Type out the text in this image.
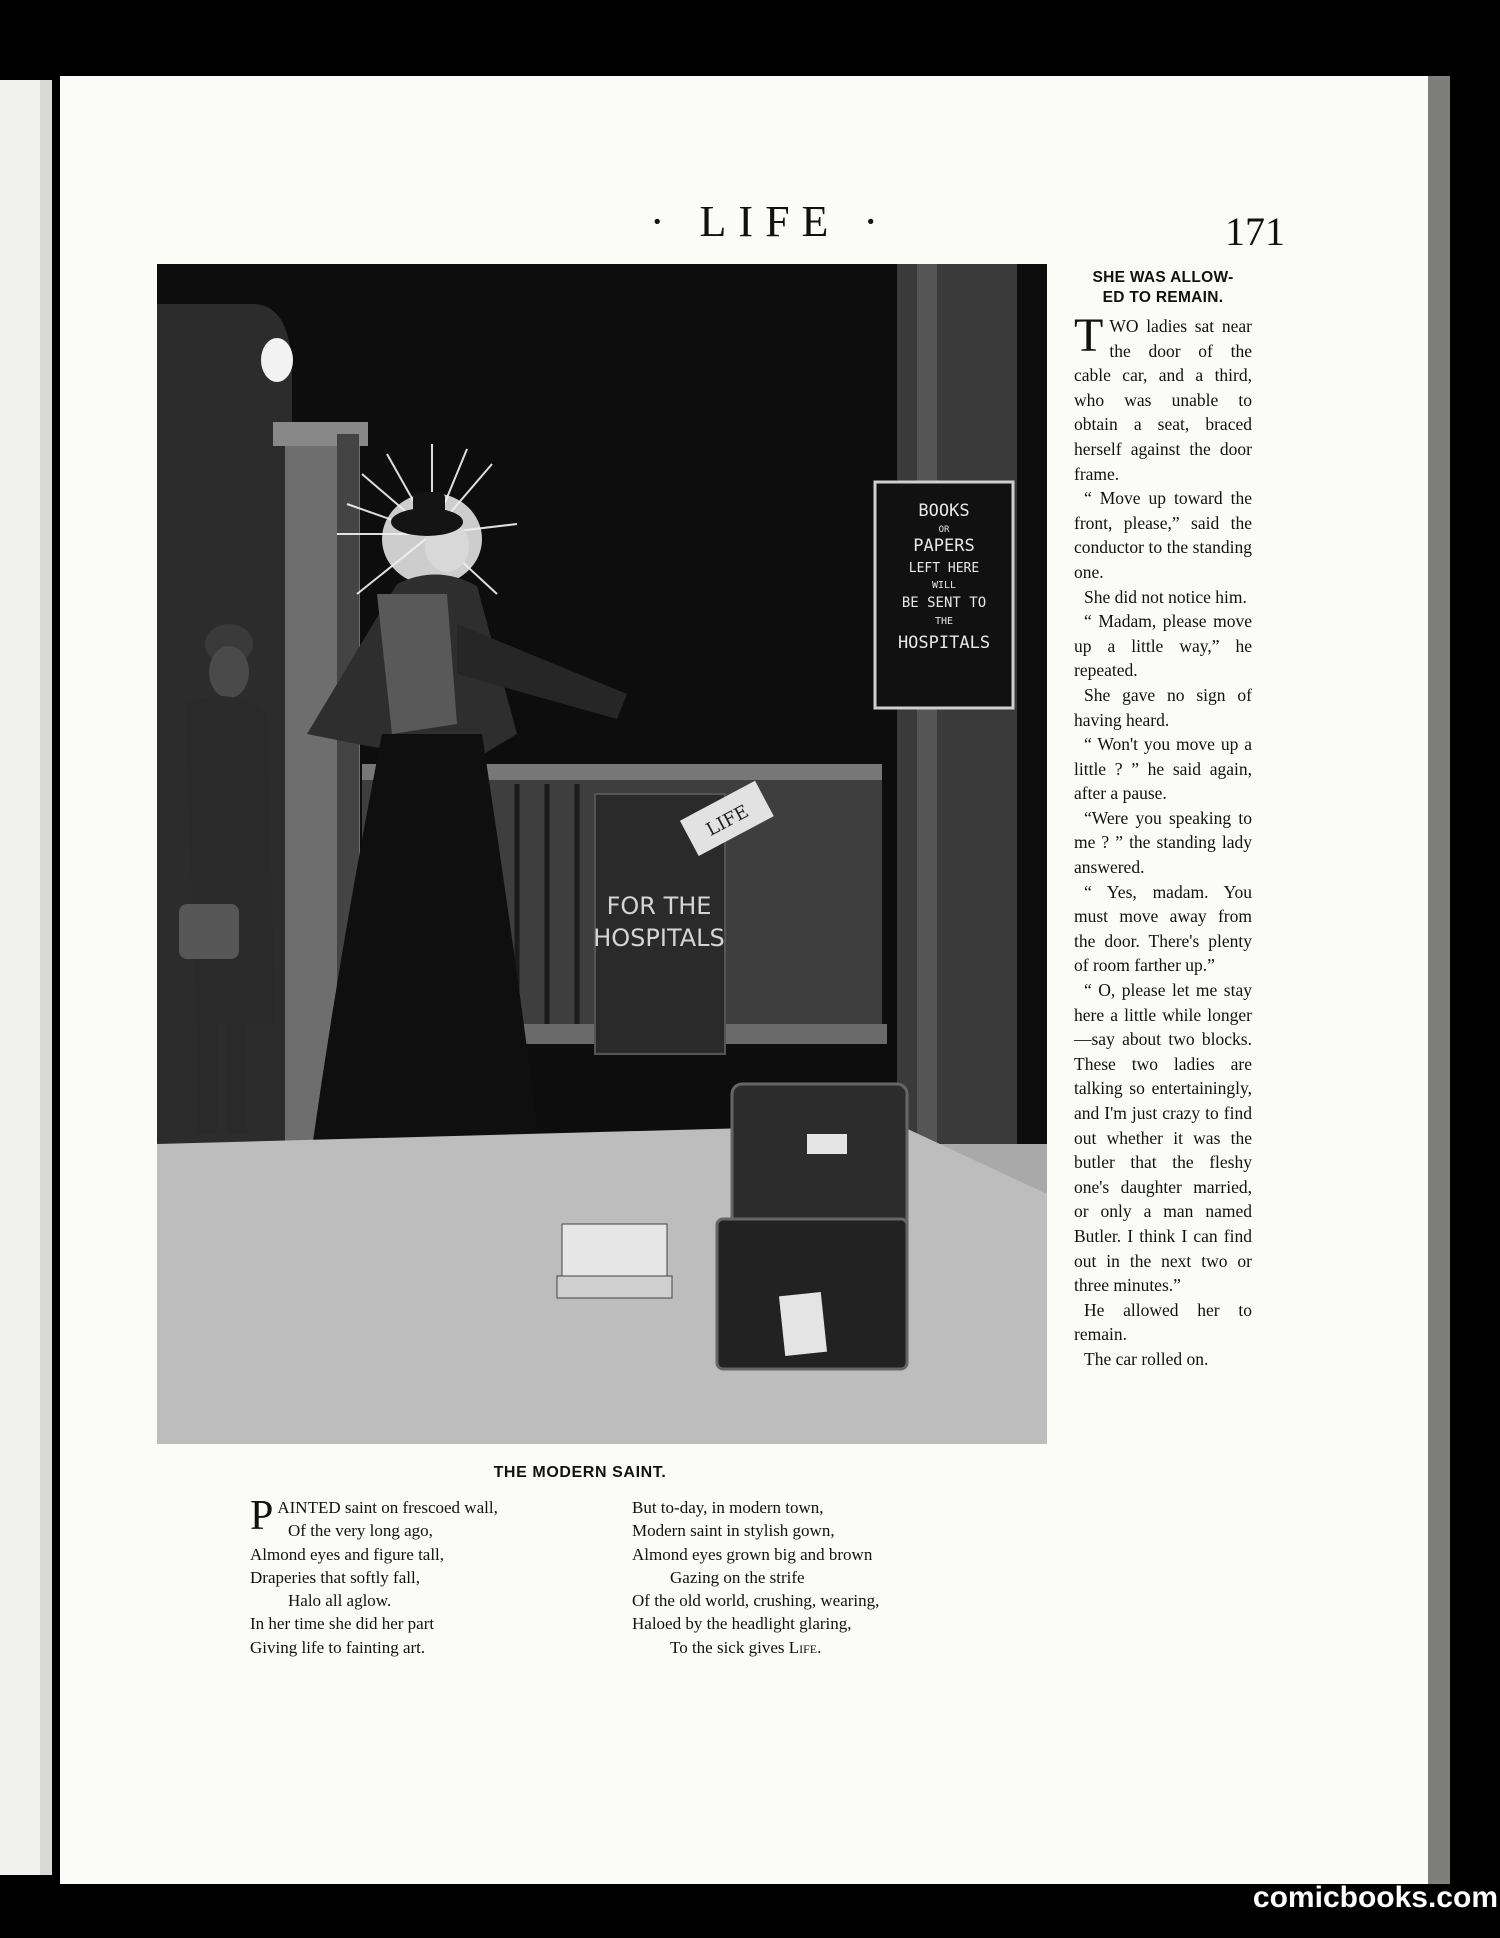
· LIFE ·	171
BOOKS
OR
PAPERS
LEFT HERE
WILL
BE SENT TO
THE
HOSPITALS
FOR THE
HOSPITALS
LIFE
SHE WAS ALLOW-
ED TO REMAIN.

TWO ladies sat near the door of the cable car, and a third, who was unable to obtain a seat, braced herself against the door frame.

“ Move up toward the front, please,” said the conductor to the standing one.

She did not notice him.

“ Madam, please move up a little way,” he repeated.

She gave no sign of having heard.

“ Won't you move up a little ? ” he said again, after a pause.

“Were you speaking to me ? ” the standing lady answered.

“ Yes, madam. You must move away from the door. There's plenty of room farther up.”

“ O, please let me stay here a little while longer—say about two blocks. These two ladies are talking so entertainingly, and I'm just crazy to find out whether it was the butler that the fleshy one's daughter married, or only a man named Butler. I think I can find out in the next two or three minutes.”

He allowed her to remain.

The car rolled on.

THE MODERN SAINT.
PAINTED saint on frescoed wall,
Of the very long ago,
Almond eyes and figure tall,
Draperies that softly fall,
Halo all aglow.
In her time she did her part
Giving life to fainting art.
But to-day, in modern town,
Modern saint in stylish gown,
Almond eyes grown big and brown
Gazing on the strife
Of the old world, crushing, wearing,
Haloed by the headlight glaring,
To the sick gives Life.
comicbooks.com
